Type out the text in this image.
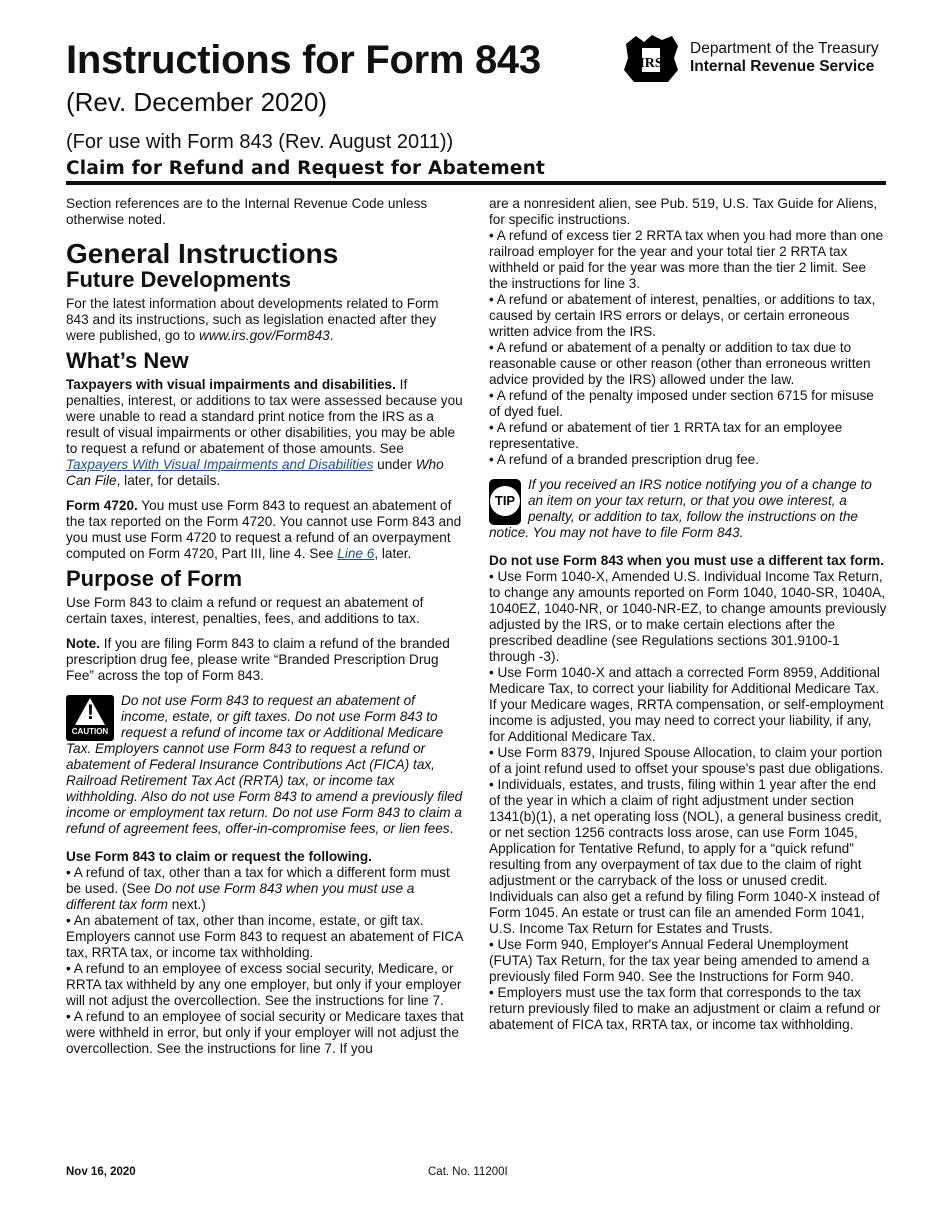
Instructions for Form 843
(Rev. December 2020)
(For use with Form 843 (Rev. August 2011))
Claim for Refund and Request for Abatement
IRS
Department of the Treasury
Internal Revenue Service

Section references are to the Internal Revenue Code unless otherwise noted.

General Instructions
Future Developments

For the latest information about developments related to Form 843 and its instructions, such as legislation enacted after they were published, go to www.irs.gov/Form843.

What’s New

Taxpayers with visual impairments and disabilities. If penalties, interest, or additions to tax were assessed because you were unable to read a standard print notice from the IRS as a result of visual impairments or other disabilities, you may be able to request a refund or abatement of those amounts. See Taxpayers With Visual Impairments and Disabilities under Who Can File, later, for details.

Form 4720. You must use Form 843 to request an abatement of the tax reported on the Form 4720. You cannot use Form 843 and you must use Form 4720 to request a refund of an overpayment computed on Form 4720, Part III, line 4. See Line 6, later.

Purpose of Form

Use Form 843 to claim a refund or request an abatement of certain taxes, interest, penalties, fees, and additions to tax.

Note. If you are filing Form 843 to claim a refund of the branded prescription drug fee, please write “Branded Prescription Drug Fee” across the top of Form 843.

!
CAUTION
Do not use Form 843 to request an abatement of income, estate, or gift taxes. Do not use Form 843 to request a refund of income tax or Additional Medicare Tax. Employers cannot use Form 843 to request a refund or abatement of Federal Insurance Contributions Act (FICA) tax, Railroad Retirement Tax Act (RRTA) tax, or income tax withholding. Also do not use Form 843 to amend a previously filed income or employment tax return. Do not use Form 843 to claim a refund of agreement fees, offer-in-compromise fees, or lien fees.

Use Form 843 to claim or request the following.

• A refund of tax, other than a tax for which a different form must be used. (See Do not use Form 843 when you must use a different tax form next.)

• An abatement of tax, other than income, estate, or gift tax. Employers cannot use Form 843 to request an abatement of FICA tax, RRTA tax, or income tax withholding.

• A refund to an employee of excess social security, Medicare, or RRTA tax withheld by any one employer, but only if your employer will not adjust the overcollection. See the instructions for line 7.

• A refund to an employee of social security or Medicare taxes that were withheld in error, but only if your employer will not adjust the overcollection. See the instructions for line 7. If you

are a nonresident alien, see Pub. 519, U.S. Tax Guide for Aliens, for specific instructions.

• A refund of excess tier 2 RRTA tax when you had more than one railroad employer for the year and your total tier 2 RRTA tax withheld or paid for the year was more than the tier 2 limit. See the instructions for line 3.

• A refund or abatement of interest, penalties, or additions to tax, caused by certain IRS errors or delays, or certain erroneous written advice from the IRS.

• A refund or abatement of a penalty or addition to tax due to reasonable cause or other reason (other than erroneous written advice provided by the IRS) allowed under the law.

• A refund of the penalty imposed under section 6715 for misuse of dyed fuel.

• A refund or abatement of tier 1 RRTA tax for an employee representative.

• A refund of a branded prescription drug fee.

TIP
If you received an IRS notice notifying you of a change to an item on your tax return, or that you owe interest, a penalty, or addition to tax, follow the instructions on the notice. You may not have to file Form 843.

Do not use Form 843 when you must use a different tax form.

• Use Form 1040-X, Amended U.S. Individual Income Tax Return, to change any amounts reported on Form 1040, 1040-SR, 1040A, 1040EZ, 1040-NR, or 1040-NR-EZ, to change amounts previously adjusted by the IRS, or to make certain elections after the prescribed deadline (see Regulations sections 301.9100-1 through -3).

• Use Form 1040-X and attach a corrected Form 8959, Additional Medicare Tax, to correct your liability for Additional Medicare Tax. If your Medicare wages, RRTA compensation, or self-employment income is adjusted, you may need to correct your liability, if any, for Additional Medicare Tax.

• Use Form 8379, Injured Spouse Allocation, to claim your portion of a joint refund used to offset your spouse's past due obligations.

• Individuals, estates, and trusts, filing within 1 year after the end of the year in which a claim of right adjustment under section 1341(b)(1), a net operating loss (NOL), a general business credit, or net section 1256 contracts loss arose, can use Form 1045, Application for Tentative Refund, to apply for a “quick refund” resulting from any overpayment of tax due to the claim of right adjustment or the carryback of the loss or unused credit. Individuals can also get a refund by filing Form 1040-X instead of Form 1045. An estate or trust can file an amended Form 1041, U.S. Income Tax Return for Estates and Trusts.

• Use Form 940, Employer's Annual Federal Unemployment (FUTA) Tax Return, for the tax year being amended to amend a previously filed Form 940. See the Instructions for Form 940.

• Employers must use the tax form that corresponds to the tax return previously filed to make an adjustment or claim a refund or abatement of FICA tax, RRTA tax, or income tax withholding.

Nov 16, 2020	Cat. No. 11200I
